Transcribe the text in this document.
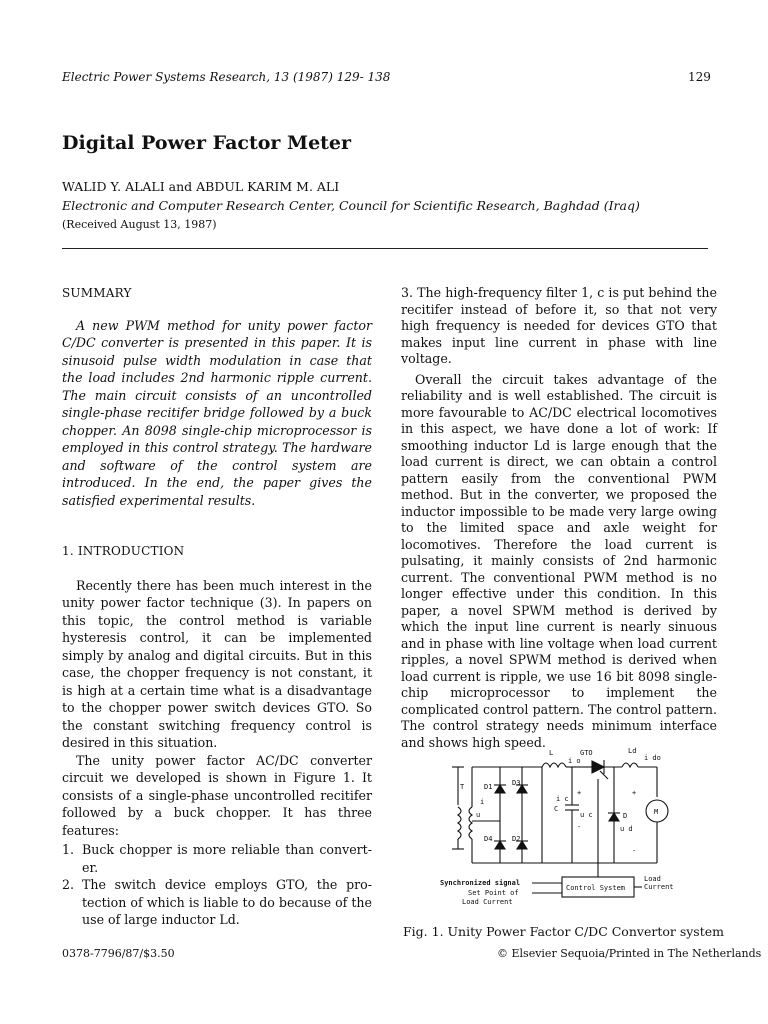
Electric Power Systems Research, 13 (1987) 129- 138	129
Digital Power Factor Meter
WALID Y. ALALI and ABDUL KARIM M. ALI
Electronic and Computer Research Center, Council for Scientific Research, Baghdad (Iraq)
(Received August 13, 1987)
SUMMARY

A new PWM method for unity power factor C/DC converter is presented in this paper. It is sinusoid pulse width modulation in case that the load includes 2nd harmonic ripple current. The main circuit consists of an uncontrolled single-phase recitifer bridge followed by a buck chopper. An 8098 single-chip microprocessor is employed in this control strategy. The hardware and software of the control system are introduced. In the end, the paper gives the satisfied experimental results.

1. INTRODUCTION

Recently there has been much interest in the unity power factor technique (3). In papers on this topic, the control method is variable hysteresis control, it can be implemented simply by analog and digital circuits. But in this case, the chopper frequency is not constant, it is high at a certain time what is a disadvantage to the chopper power switch devices GTO. So the constant switching frequency control is desired in this situation.

The unity power factor AC/DC converter circuit we developed is shown in Figure 1. It consists of a single-phase uncontrolled recitifer followed by a buck chopper. It has three features:

1. Buck chopper is more reliable than convert-er.
2. The switch device employs GTO, the pro-tection of which is liable to do because of the use of large inductor Ld.

3. The high-frequency filter 1, c is put behind the recitifer instead of before it, so that not very high frequency is needed for devices GTO that makes input line current in phase with line voltage.

Overall the circuit takes advantage of the reliability and is well established. The circuit is more favourable to AC/DC electrical locomotives in this aspect, we have done a lot of work: If smoothing inductor Ld is large enough that the load current is direct, we can obtain a control pattern easily from the conventional PWM method. But in the converter, we proposed the inductor impossible to be made very large owing to the limited space and axle weight for locomotives. Therefore the load current is pulsating, it mainly consists of 2nd harmonic current. The conventional PWM method is no longer effective under this condition. In this paper, a novel SPWM method is derived by which the input line current is nearly sinuous and in phase with line voltage when load current ripples, a novel SPWM method is derived when load current is ripple, we use 16 bit 8098 single-chip microprocessor to implement the complicated control pattern. The control pattern. The control strategy needs minimum interface and shows high speed.

L	GTO	Ld
T	D1	D3
D4	D2
C
D	M
i
u
i c
u c
i o	i do
u d
+
-
+
-
Synchronized signal
Set Point of
Load Current
Control System
Load
Current
Fig. 1. Unity Power Factor C/DC Convertor system
0378-7796/87/$3.50	© Elsevier Sequoia/Printed in The Netherlands
